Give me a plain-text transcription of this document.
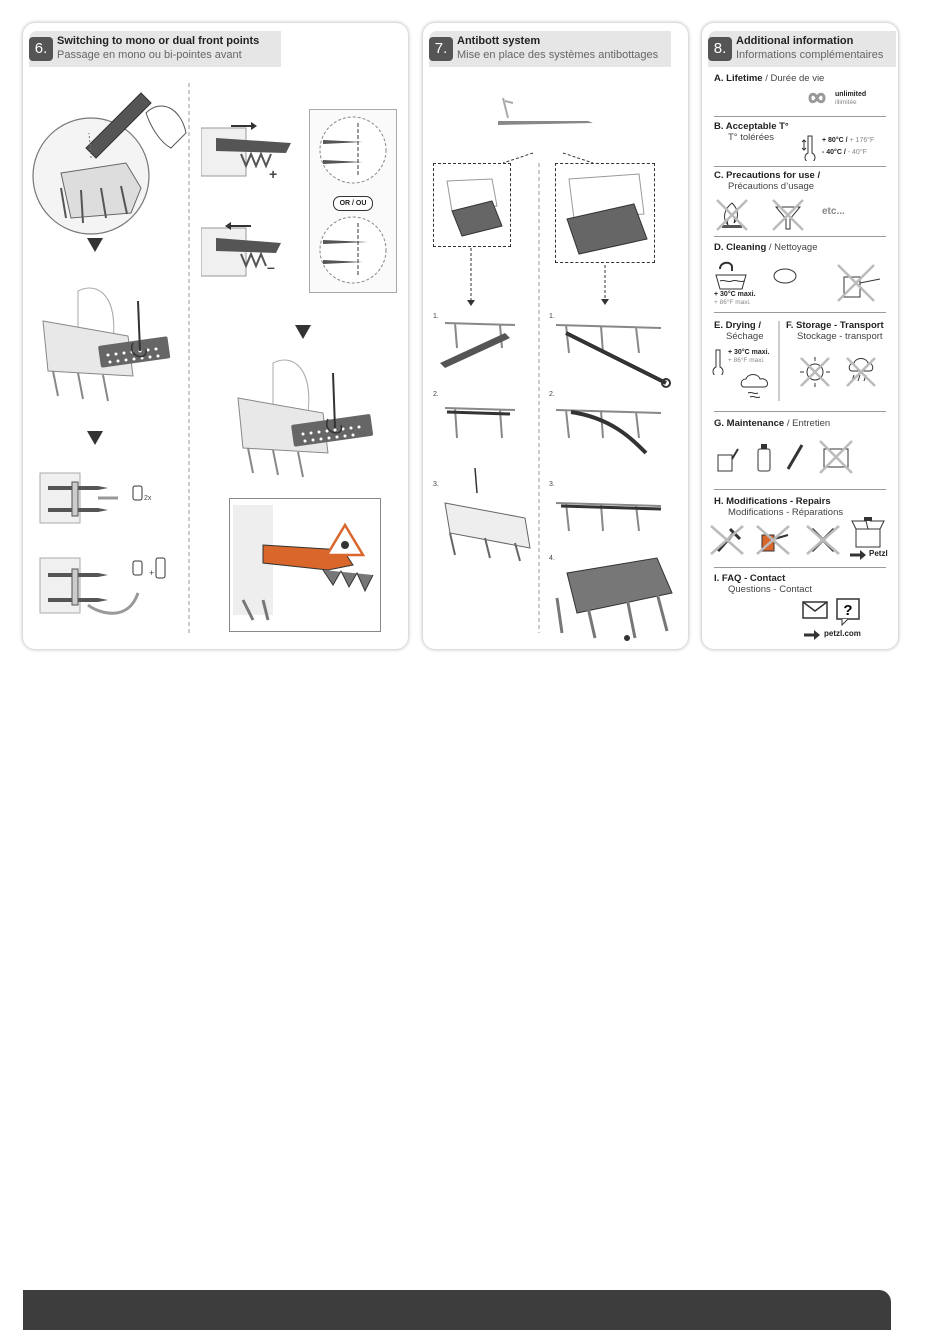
6. Switching to mono or dual front points
Passage en mono ou bi-pointes avant
2x
+
+
–
OR / OU
7. Antibott system
Mise en place des systèmes antibottages
1.
2.
3.
1.
2.
3.
4.
8. Additional information
Informations complémentaires
A. Lifetime / Durée de vie
unlimited
illimitée
B. Acceptable T°
T° tolérées	+ 80°C / + 176°F
- 40°C / - 40°F
C. Precautions for use /
Précautions d’usage
etc...
D. Cleaning / Nettoyage
+ 30°C maxi.
+ 86°F maxi.
E. Drying /
Séchage
+ 30°C maxi.
+ 86°F maxi.
F. Storage - Transport
Stockage - transport
G. Maintenance / Entretien
H. Modifications - Repairs
Modifications - Réparations
Petzl
I. FAQ - Contact
Questions - Contact
?
petzl.com
